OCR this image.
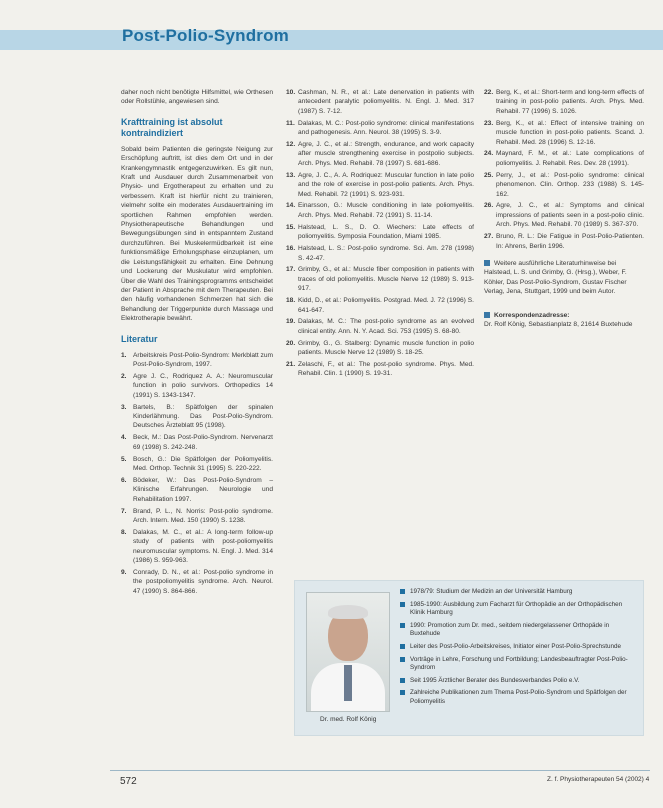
Post-Polio-Syndrom

daher noch nicht benötigte Hilfsmittel, wie Orthesen oder Rollstühle, angewiesen sind.

Krafttraining ist absolut kontraindiziert

Sobald beim Patienten die geringste Neigung zur Erschöpfung auftritt, ist dies dem Ort und in der Krankengymnastik entgegenzuwirken. Es gilt nun, Kraft und Ausdauer durch Zusammenarbeit von Physio- und Ergotherapeut zu erhalten und zu verbessern. Kraft ist hierfür nicht zu trainieren, vielmehr sollte ein moderates Ausdauertraining im sportlichen Rahmen empfohlen werden. Physiotherapeutische Behandlungen und Bewegungsübungen sind in entspanntem Zustand durchzuführen. Bei Muskelermüdbarkeit ist eine funktionsmäßige Erholungsphase einzuplanen, um die Leistungsfähigkeit zu erhalten. Eine Dehnung und Lockerung der Muskulatur wird empfohlen. Über die Wahl des Trainingsprogramms entscheidet der Patient in Absprache mit dem Therapeuten. Bei den häufig vorhandenen Schmerzen hat sich die Behandlung der Triggerpunkte durch Massage und Elektrotherapie bewährt.

Literatur
1. Arbeitskreis Post-Polio-Syndrom: Merkblatt zum Post-Polio-Syndrom, 1997.
2. Agre J. C., Rodriquez A. A.: Neuromuscular function in polio survivors. Orthopedics 14 (1991) S. 1343-1347.
3. Bartels, B.: Spätfolgen der spinalen Kinderlähmung. Das Post-Polio-Syndrom. Deutsches Ärzteblatt 95 (1998).
4. Beck, M.: Das Post-Polio-Syndrom. Nervenarzt 69 (1998) S. 242-248.
5. Bosch, G.: Die Spätfolgen der Poliomyelitis. Med. Orthop. Technik 31 (1995) S. 220-222.
6. Bödeker, W.: Das Post-Polio-Syndrom – Klinische Erfahrungen. Neurologie und Rehabilitation 1997.
7. Brand, P. L., N. Norris: Post-polio syndrome. Arch. Intern. Med. 150 (1990) S. 1238.
8. Dalakas, M. C., et al.: A long-term follow-up study of patients with post-poliomyelitis neuromuscular symptoms. N. Engl. J. Med. 314 (1986) S. 959-963.
9. Conrady, D. N., et al.: Post-polio syndrome in the postpoliomyelitis syndrome. Arch. Neurol. 47 (1990) S. 864-866.
10. Cashman, N. R., et al.: Late denervation in patients with antecedent paralytic poliomyelitis. N. Engl. J. Med. 317 (1987) S. 7-12.
11. Dalakas, M. C.: Post-polio syndrome: clinical manifestations and pathogenesis. Ann. Neurol. 38 (1995) S. 3-9.
12. Agre, J. C., et al.: Strength, endurance, and work capacity after muscle strengthening exercise in postpolio subjects. Arch. Phys. Med. Rehabil. 78 (1997) S. 681-686.
13. Agre, J. C., A. A. Rodriquez: Muscular function in late polio and the role of exercise in post-polio patients. Arch. Phys. Med. Rehabil. 72 (1991) S. 923-931.
14. Einarsson, G.: Muscle conditioning in late poliomyelitis. Arch. Phys. Med. Rehabil. 72 (1991) S. 11-14.
15. Halstead, L. S., D. O. Wiechers: Late effects of poliomyelitis. Symposia Foundation, Miami 1985.
16. Halstead, L. S.: Post-polio syndrome. Sci. Am. 278 (1998) S. 42-47.
17. Grimby, G., et al.: Muscle fiber composition in patients with traces of old poliomyelitis. Muscle Nerve 12 (1989) S. 913-917.
18. Kidd, D., et al.: Poliomyelitis. Postgrad. Med. J. 72 (1996) S. 641-647.
19. Dalakas, M. C.: The post-polio syndrome as an evolved clinical entity. Ann. N. Y. Acad. Sci. 753 (1995) S. 68-80.
20. Grimby, G., G. Stalberg: Dynamic muscle function in polio patients. Muscle Nerve 12 (1989) S. 18-25.
21. Zelaschi, F., et al.: The post-polio syndrome. Phys. Med. Rehabil. Clin. 1 (1990) S. 19-31.
22. Berg, K., et al.: Short-term and long-term effects of training in post-polio patients. Arch. Phys. Med. Rehabil. 77 (1996) S. 1026.
23. Berg, K., et al.: Effect of intensive training on muscle function in post-polio patients. Scand. J. Rehabil. Med. 28 (1996) S. 12-16.
24. Maynard, F. M., et al.: Late complications of poliomyelitis. J. Rehabil. Res. Dev. 28 (1991).
25. Perry, J., et al.: Post-polio syndrome: clinical phenomenon. Clin. Orthop. 233 (1988) S. 145-162.
26. Agre, J. C., et al.: Symptoms and clinical impressions of patients seen in a post-polio clinic. Arch. Phys. Med. Rehabil. 70 (1989) S. 367-370.
27. Bruno, R. L.: Die Fatigue in Post-Polio-Patienten. In: Ahrens, Berlin 1996.
Weitere ausführliche Literaturhinweise bei Halstead, L. S. und Grimby, G. (Hrsg.), Weber, F. Köhler, Das Post-Polio-Syndrom, Gustav Fischer Verlag, Jena, Stuttgart, 1999 und beim Autor.
Korrespondenzadresse:
Dr. Rolf König, Sebastianplatz 8, 21614 Buxtehude
Dr. med. Rolf König
1978/79: Studium der Medizin an der Universität Hamburg
1985-1990: Ausbildung zum Facharzt für Orthopädie an der Orthopädischen Klinik Hamburg
1990: Promotion zum Dr. med., seitdem niedergelassener Orthopäde in Buxtehude
Leiter des Post-Polio-Arbeitskreises, Initiator einer Post-Polio-Sprechstunde
Vorträge in Lehre, Forschung und Fortbildung; Landesbeauftragter Post-Polio-Syndrom
Seit 1995 Ärztlicher Berater des Bundesverbandes Polio e.V.
Zahlreiche Publikationen zum Thema Post-Polio-Syndrom und Spätfolgen der Poliomyelitis
572	Z. f. Physiotherapeuten 54 (2002) 4
